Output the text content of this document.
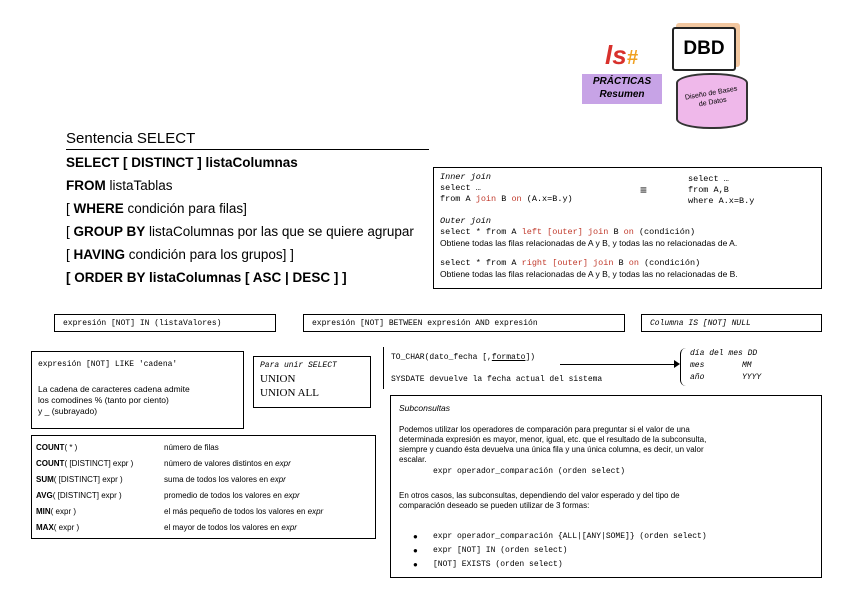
ls#
PRÁCTICAS
Resumen
DBD
Diseño de Bases de Datos
Sentencia SELECT
SELECT [ DISTINCT ] listaColumnas
FROM listaTablas
[ WHERE condición para filas]
[ GROUP BY listaColumnas por las que se quiere agrupar
[ HAVING condición para los grupos] ]
[ ORDER BY listaColumnas [ ASC | DESC ] ]
Inner join
select …
from A join B on (A.x=B.y)
≡
select …
from A,B
where A.x=B.y
Outer join
select * from A left [outer] join B on (condición)
Obtiene todas las filas relacionadas de A y B, y todas las no relacionadas de A.
select * from A right [outer] join B on (condición)
Obtiene todas las filas relacionadas de A y B, y todas las no relacionadas de B.
expresión [NOT] IN (listaValores)	expresión [NOT] BETWEEN expresión AND expresión	Columna IS [NOT] NULL
expresión [NOT] LIKE 'cadena'
La cadena de caracteres cadena admite
los comodines % (tanto por ciento)
y _ (subrayado)
Para unir SELECT
UNION
UNION ALL
TO_CHAR(dato_fecha [,formato])
SYSDATE devuelve la fecha actual del sistema
día del mes DD
mes	MM
año	YYYY
COUNT( * )	número de filas
COUNT( [DISTINCT] expr )	número de valores distintos en expr
SUM( [DISTINCT] expr )	suma de todos los valores en expr
AVG( [DISTINCT] expr )	promedio de todos los valores en expr
MIN( expr )	el más pequeño de todos los valores en expr
MAX( expr )	el mayor de todos los valores en expr
Subconsultas
Podemos utilizar los operadores de comparación para preguntar si el valor de una
determinada expresión es mayor, menor, igual, etc. que el resultado de la subconsulta,
siempre y cuando ésta devuelva una única fila y una única columna, es decir, un valor
escalar.
expr operador_comparación (orden select)
En otros casos, las subconsultas, dependiendo del valor esperado y del tipo de
comparación deseado se pueden utilizar de 3 formas:
● expr operador_comparación {ALL|[ANY|SOME]} (orden select)
● expr [NOT] IN (orden select)
● [NOT] EXISTS (orden select)
